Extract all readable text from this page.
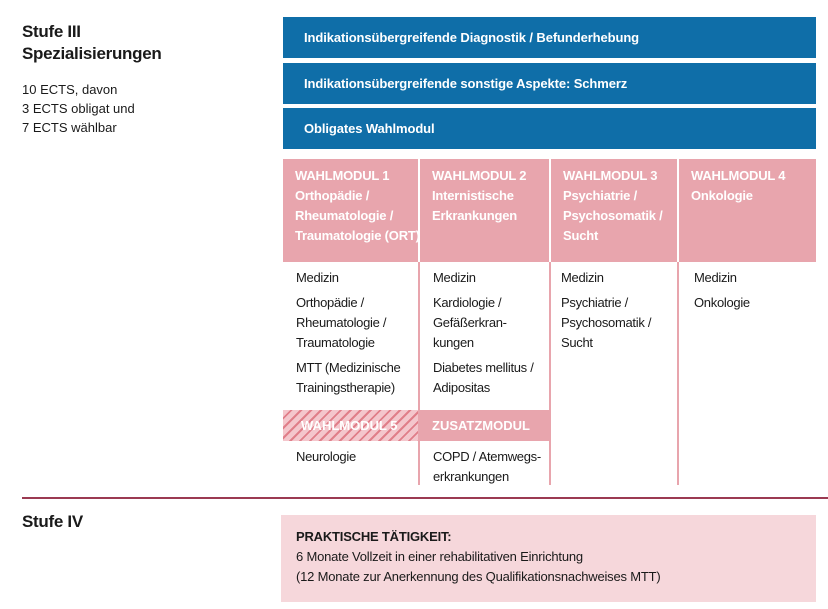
Stufe III
Spezialisierungen
10 ECTS, davon
3 ECTS obligat und
7 ECTS wählbar
Indikationsübergreifende Diagnostik / Befunderhebung
Indikationsübergreifende sonstige Aspekte: Schmerz
Obligates Wahlmodul
WAHLMODUL 1
Orthopädie /
Rheumatologie /
Traumatologie (ORT)
WAHLMODUL 2
Internistische
Erkrankungen
WAHLMODUL 3
Psychiatrie /
Psychosomatik /
Sucht
WAHLMODUL 4
Onkologie
Medizin
Orthopädie /
Rheumatologie /
Traumatologie
MTT (Medizinische
Trainingstherapie)
Medizin
Kardiologie /
Gefäßerkran-
kungen
Diabetes mellitus /
Adipositas
Medizin
Psychiatrie /
Psychosomatik /
Sucht
Medizin
Onkologie
WAHLMODUL 5	ZUSATZMODUL
Neurologie	COPD / Atemwegs-
erkrankungen
Stufe IV
PRAKTISCHE TÄTIGKEIT:
6 Monate Vollzeit in einer rehabilitativen Einrichtung
(12 Monate zur Anerkennung des Qualifikationsnachweises MTT)
